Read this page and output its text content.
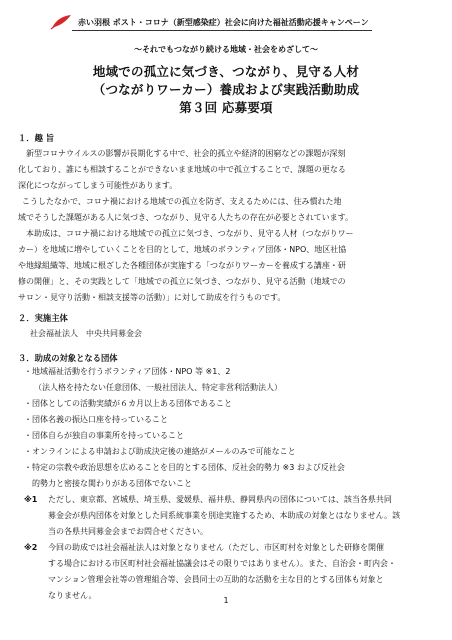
赤い羽根 ポスト・コロナ（新型感染症）社会に向けた福祉活動応援キャンペーン
～それでもつながり続ける地域・社会をめざして～
地域での孤立に気づき、つながり、見守る人材
（つながりワーカー）養成および実践活動助成
第３回 応募要項
１．趣 旨
新型コロナウイルスの影響が長期化する中で、社会的孤立や経済的困窮などの課題が深刻
化しており、誰にも相談することができないまま地域の中で孤立することで、課題の更なる
深化につながってしまう可能性があります。
こうしたなかで、コロナ禍における地域での孤立を防ぎ、支えるためには、住み慣れた地
域でそうした課題がある人に気づき、つながり、見守る人たちの存在が必要とされています。
本助成は、コロナ禍における地域での孤立に気づき、つながり、見守る人材（つながりワー
カー）を地域に増やしていくことを目的として、地域のボランティア団体・NPO、地区社協
や地縁組織等、地域に根ざした各種団体が実施する「つながりワーカーを養成する講座・研
修の開催」と、その実践として「地域での孤立に気づき、つながり、見守る活動（地域での
サロン・見守り活動・相談支援等の活動）」に対して助成を行うものです。
２．実施主体
社会福祉法人　中央共同募金会
３．助成の対象となる団体
・地域福祉活動を行うボランティア団体・NPO 等 ※1、2
（法人格を持たない任意団体、一般社団法人、特定非営利活動法人）
・団体としての活動実績が６カ月以上ある団体であること
・団体名義の振込口座を持っていること
・団体自らが独自の事業所を持っていること
・オンラインによる申請および助成決定後の連絡がメールのみで可能なこと
・特定の宗教や政治思想を広めることを目的とする団体、反社会的勢力 ※3 および反社会
　的勢力と密接な関わりがある団体でないこと
※1 ただし、東京都、宮城県、埼玉県、愛媛県、福井県、静岡県内の団体については、該当各県共同
募金会が県内団体を対象とした同系統事業を別途実施するため、本助成の対象とはなりません。該
当の各県共同募金会までお問合せください。
※2 今回の助成では社会福祉法人は対象となりません（ただし、市区町村を対象とした研修を開催
する場合における市区町村社会福祉協議会はその限りではありません）。また、自治会・町内会・
マンション管理会社等の管理組合等、会員同士の互助的な活動を主な目的とする団体も対象と
なりません。
1
